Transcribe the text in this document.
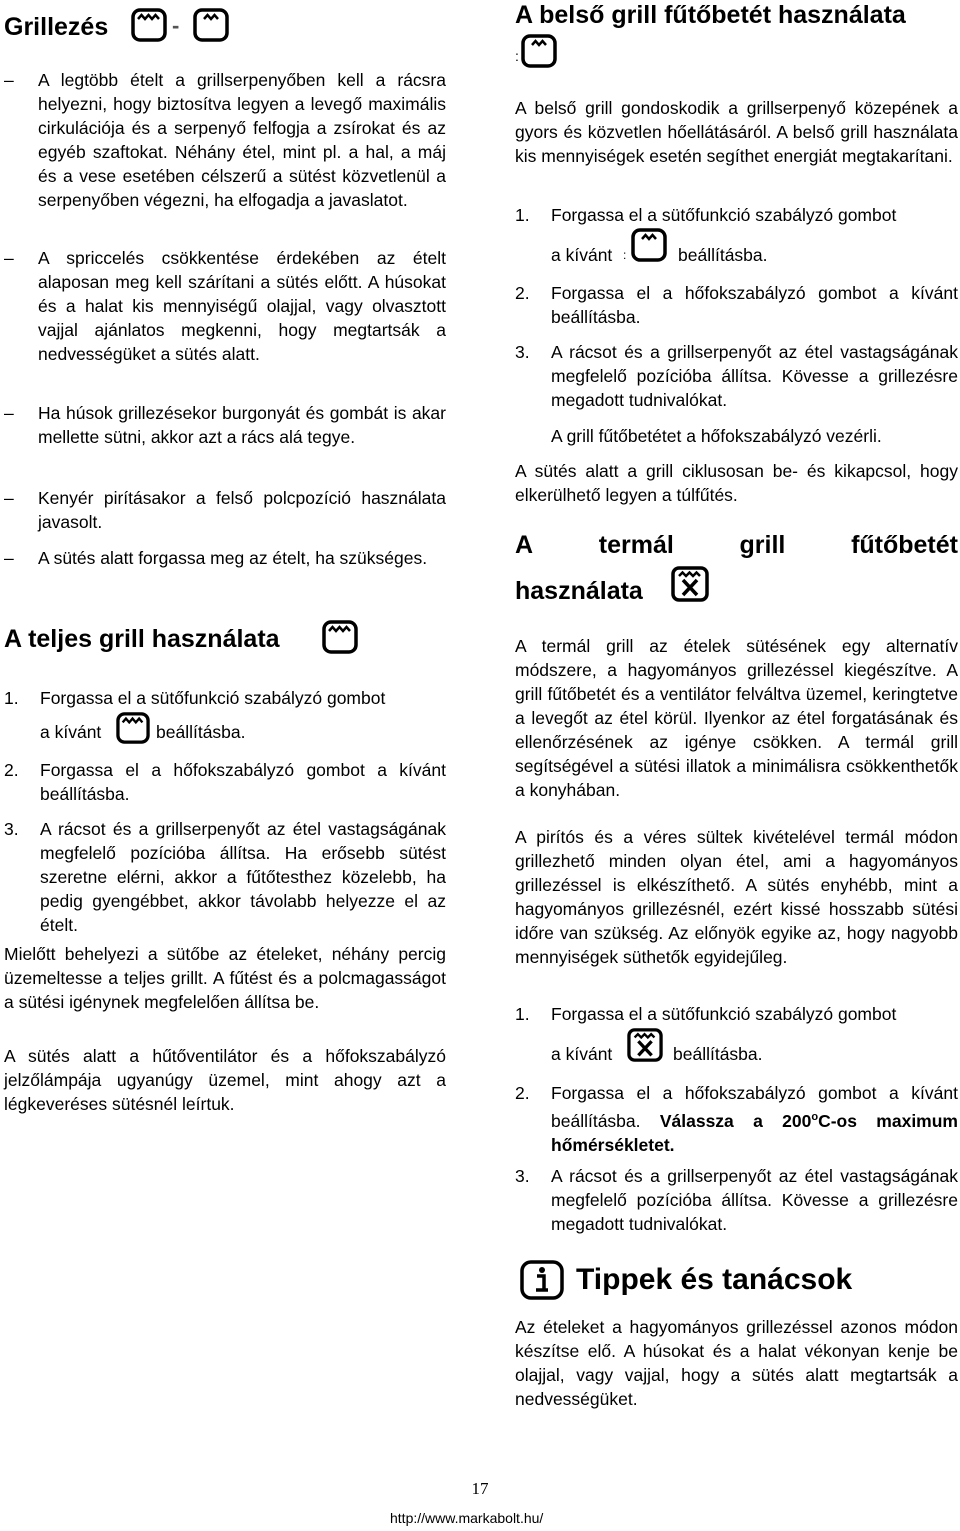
Grillezés	-
– A legtöbb ételt a grillserpenyőben kell a rácsra helyezni, hogy biztosítva legyen a levegő maximális cirkulációja és a serpenyő felfogja a zsírokat és az egyéb szaftokat. Néhány étel, mint pl. a hal, a máj és a vese esetében célszerű a sütést közvetlenül a serpenyőben végezni, ha elfogadja a javaslatot.
– A spriccelés csökkentése érdekében az ételt alaposan meg kell szárítani a sütés előtt. A húsokat és a halat kis mennyiségű olajjal, vagy olvasztott vajjal ajánlatos megkenni, hogy megtartsák a nedvességüket a sütés alatt.
– Ha húsok grillezésekor burgonyát és gombát is akar mellette sütni, akkor azt a rács alá tegye.
– Kenyér pirításakor a felső polcpozíció használata javasolt.
– A sütés alatt forgassa meg az ételt, ha szükséges.
A teljes grill használata
1. Forgassa el a sütőfunkció szabályzó gombot
a kívánt	beállításba.
2. Forgassa el a hőfokszabályzó gombot a kívánt beállításba.
3. A rácsot és a grillserpenyőt az étel vastagságának megfelelő pozícióba állítsa. Ha erősebb sütést szeretne elérni, akkor a fűtőtesthez közelebb, ha pedig gyengébbet, akkor távolabb helyezze el az ételt.
Mielőtt behelyezi a sütőbe az ételeket, néhány percig üzemeltesse a teljes grillt. A fűtést és a polcmagasságot a sütési igénynek megfelelően állítsa be.
A sütés alatt a hűtőventilátor és a hőfokszabályzó jelzőlámpája ugyanúgy üzemel, mint ahogy azt a légkeveréses sütésnél leírtuk.
A belső grill fűtőbetét használata
:
A belső grill gondoskodik a grillserpenyő közepének a gyors és közvetlen hőellátásáról. A belső grill használata kis mennyiségek esetén segíthet energiát megtakarítani.
1. Forgassa el a sütőfunkció szabályzó gombot
a kívánt :	beállításba.
2. Forgassa el a hőfokszabályzó gombot a kívánt beállításba.
3. A rácsot és a grillserpenyőt az étel vastagságának megfelelő pozícióba állítsa. Kövesse a grillezésre megadott tudnivalókat.
A grill fűtőbetétet a hőfokszabályzó vezérli.
A sütés alatt a grill ciklusosan be- és kikapcsol, hogy elkerülhető legyen a túlfűtés.
A	termál	grill	fűtőbetét
használata
A termál grill az ételek sütésének egy alternatív módszere, a hagyományos grillezéssel kiegészítve. A grill fűtőbetét és a ventilátor felváltva üzemel, keringtetve a levegőt az étel körül. Ilyenkor az étel forgatásának és ellenőrzésének az igénye csökken. A termál grill segítségével a sütési illatok a minimálisra csökkenthetők a konyhában.
A pirítós és a véres sültek kivételével termál módon grillezhető minden olyan étel, ami a hagyományos grillezéssel is elkészíthető. A sütés enyhébb, mint a hagyományos grillezésnél, ezért kissé hosszabb sütési időre van szükség. Az előnyök egyike az, hogy nagyobb mennyiségek süthetők egyidejűleg.
1. Forgassa el a sütőfunkció szabályzó gombot
a kívánt	beállításba.
2. Forgassa el a hőfokszabályzó gombot a kívánt beállításba. Válassza a 200$^o$C-os maximum hőmérsékletet.
3. A rácsot és a grillserpenyőt az étel vastagságának megfelelő pozícióba állítsa. Kövesse a grillezésre megadott tudnivalókat.
Tippek és tanácsok
Az ételeket a hagyományos grillezéssel azonos módon készítse elő. A húsokat és a halat vékonyan kenje be olajjal, vagy vajjal, hogy a sütés alatt megtartsák a nedvességüket.
17
http://www.markabolt.hu/
